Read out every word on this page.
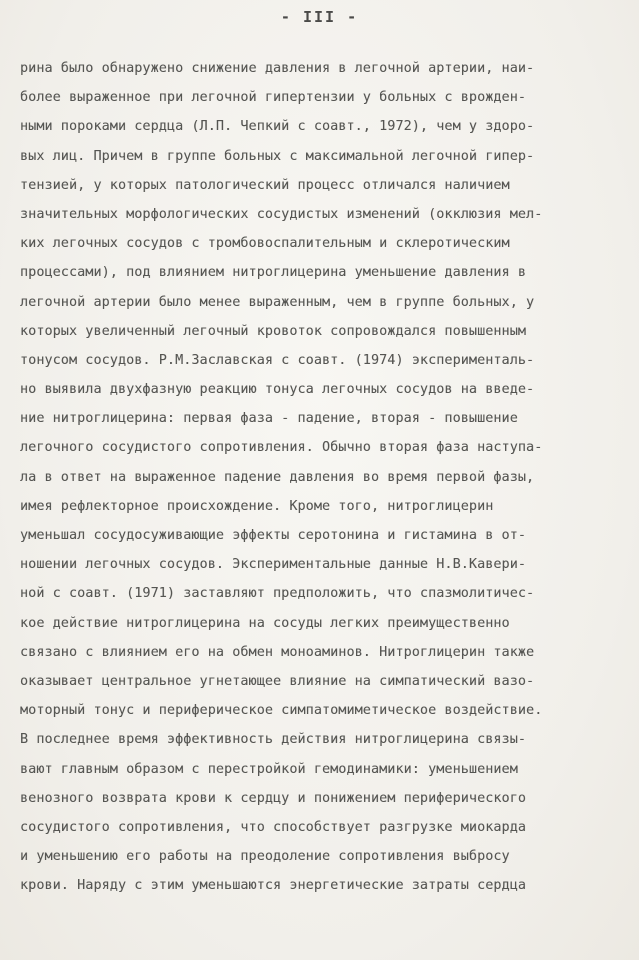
- III -
рина было обнаружено снижение давления в легочной артерии, наи-
более выраженное при легочной гипертензии у больных с врожден-
ными пороками сердца (Л.П. Чепкий с соавт., 1972), чем у здоро-
вых лиц. Причем в группе больных с максимальной легочной гипер-
тензией, у которых патологический процесс отличался наличием
значительных морфологических сосудистых изменений (окклюзия мел-
ких легочных сосудов с тромбовоспалительным и склеротическим
процессами), под влиянием нитроглицерина уменьшение давления в
легочной артерии было менее выраженным, чем в группе больных, у
которых увеличенный легочный кровоток сопровождался повышенным
тонусом сосудов. Р.М.Заславская с соавт. (1974) эксперименталь-
но выявила двухфазную реакцию тонуса легочных сосудов на введе-
ние нитроглицерина: первая фаза - падение, вторая - повышение
легочного сосудистого сопротивления. Обычно вторая фаза наступа-
ла в ответ на выраженное падение давления во время первой фазы,
имея рефлекторное происхождение. Кроме того, нитроглицерин
уменьшал сосудосуживающие эффекты серотонина и гистамина в от-
ношении легочных сосудов. Экспериментальные данные Н.В.Кавери-
ной с соавт. (1971) заставляют предположить, что спазмолитичес-
кое действие нитроглицерина на сосуды легких преимущественно
связано с влиянием его на обмен моноаминов. Нитроглицерин также
оказывает центральное угнетающее влияние на симпатический вазо-
моторный тонус и периферическое симпатомиметическое воздействие.
В последнее время эффективность действия нитроглицерина связы-
вают главным образом с перестройкой гемодинамики: уменьшением
венозного возврата крови к сердцу и понижением периферического
сосудистого сопротивления, что способствует разгрузке миокарда
и уменьшению его работы на преодоление сопротивления выбросу
крови. Наряду с этим уменьшаются энергетические затраты сердца
